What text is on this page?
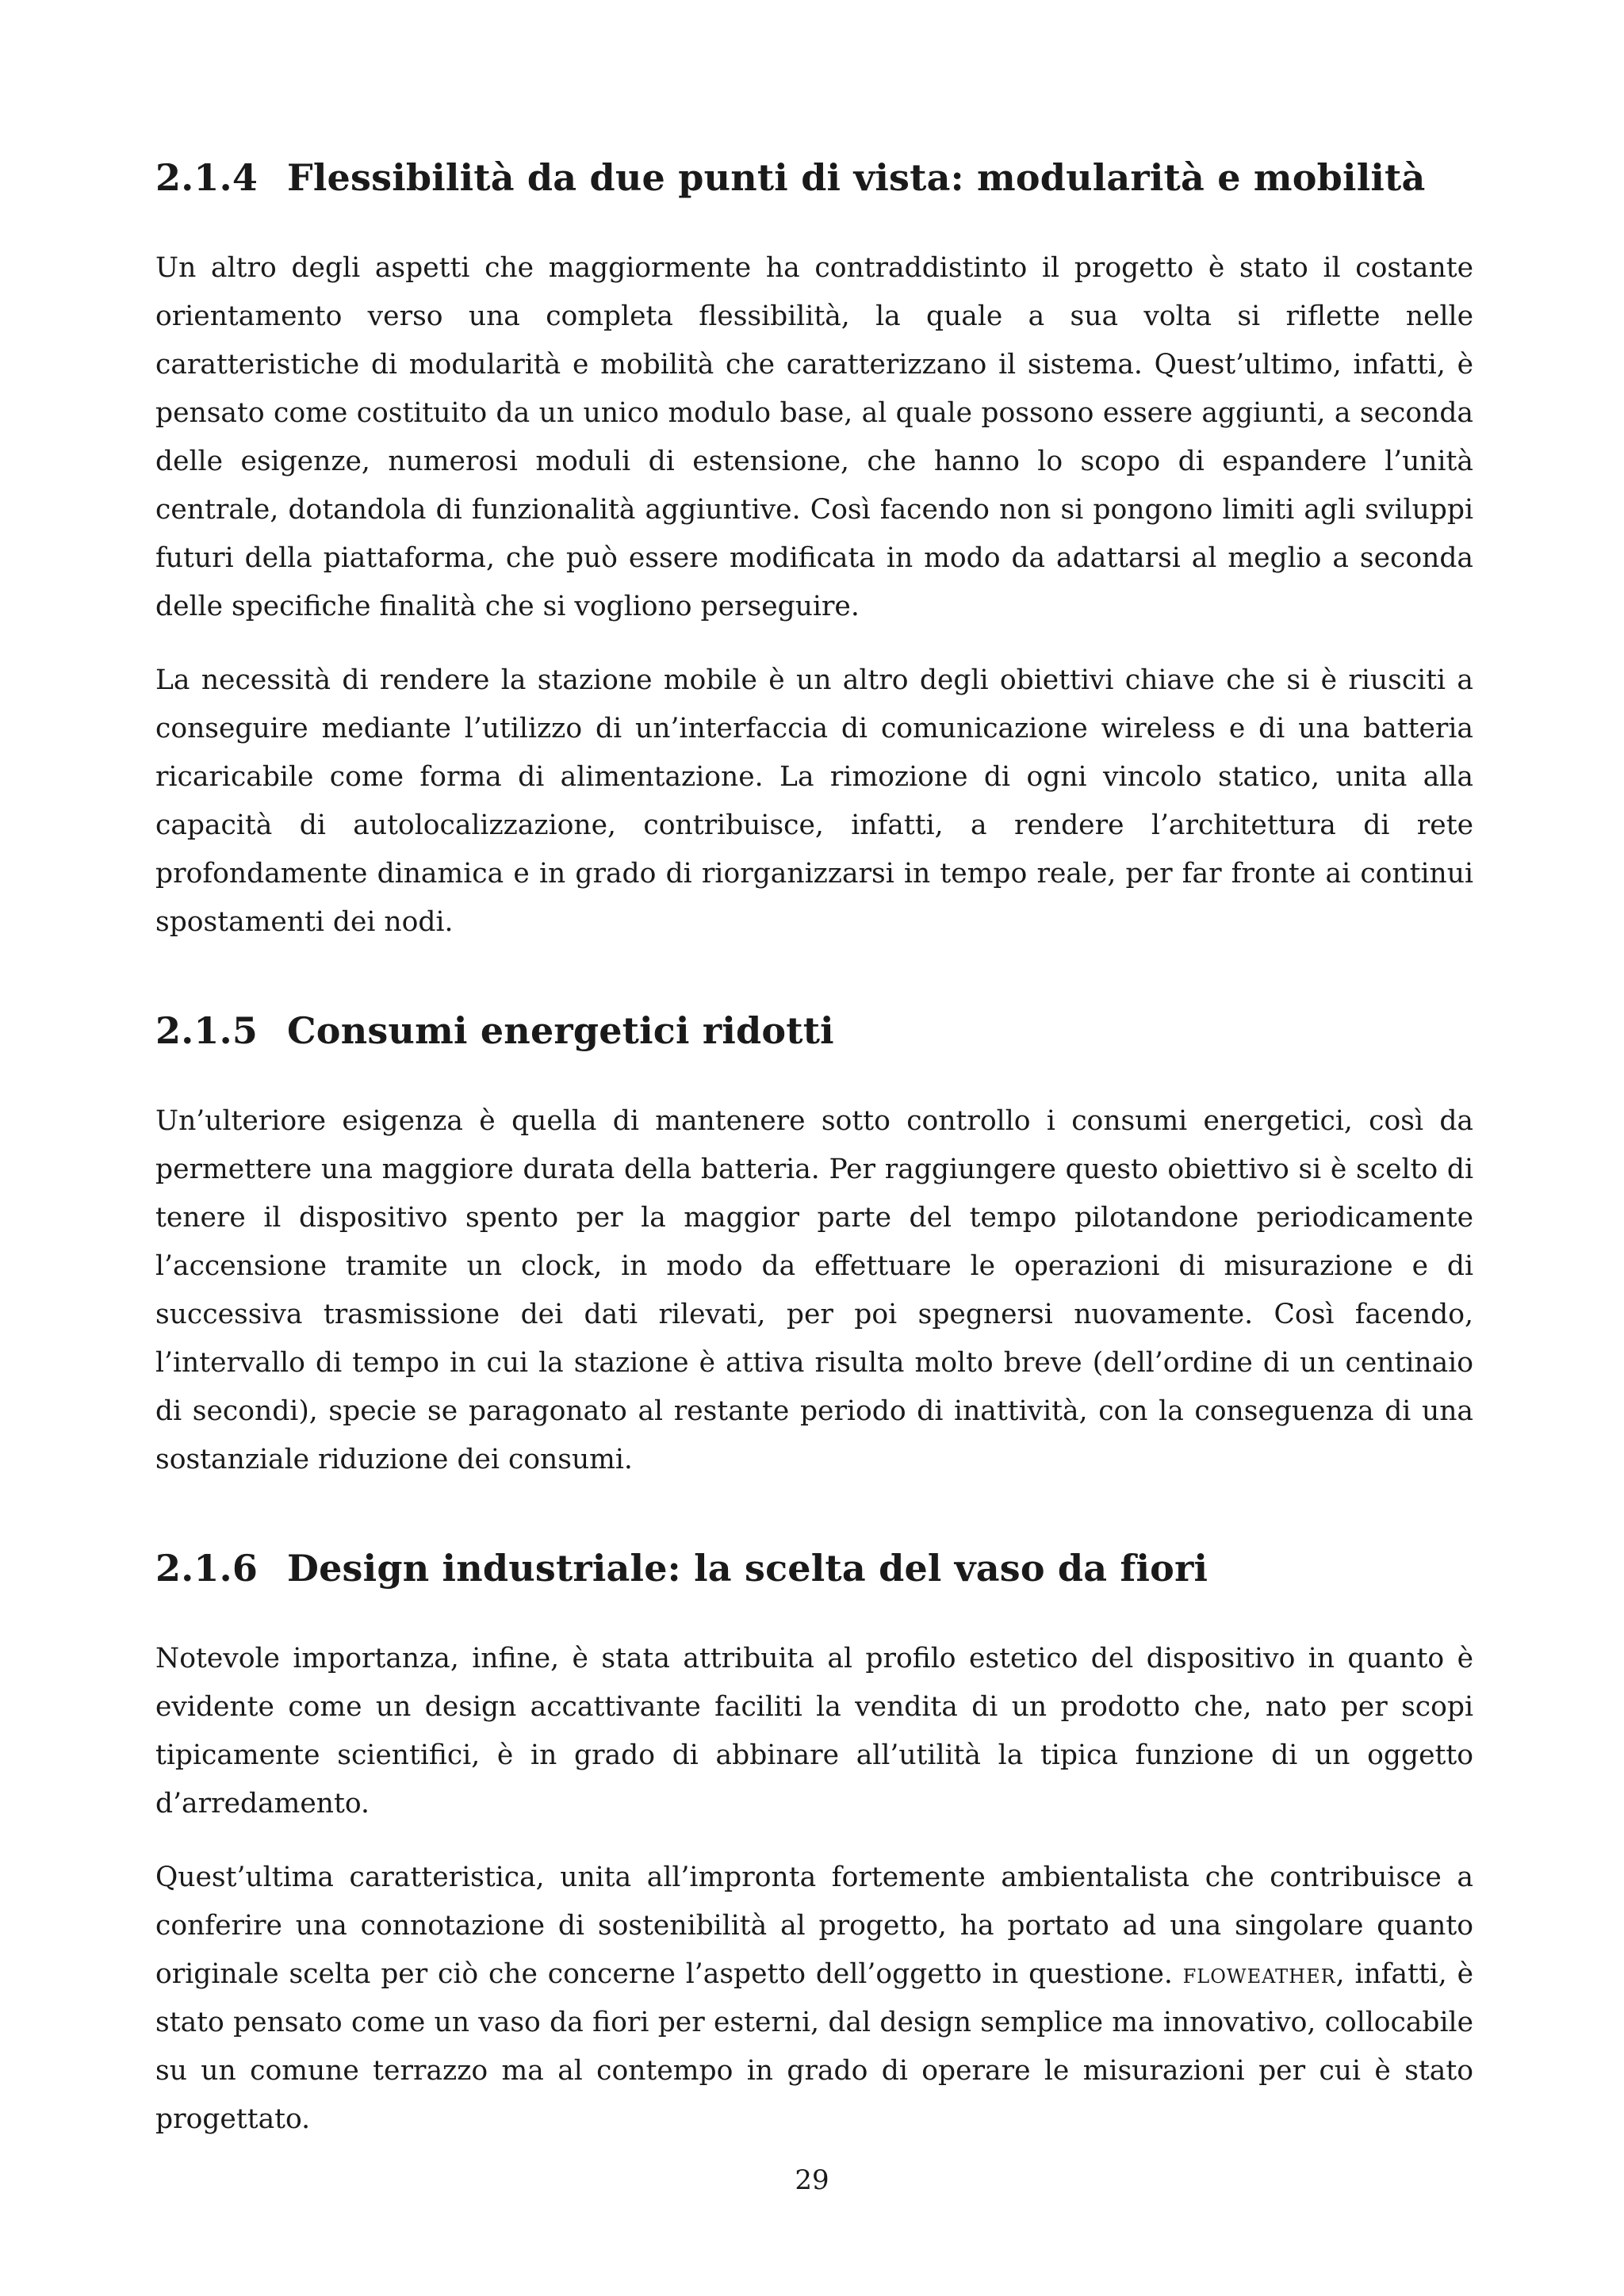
2.1.4 Flessibilità da due punti di vista: modularità e mobilità

Un altro degli aspetti che maggiormente ha contraddistinto il progetto è stato il costante orientamento verso una completa flessibilità, la quale a sua volta si riflette nelle caratteristiche di modularità e mobilità che caratterizzano il sistema. Quest’ultimo, infatti, è pensato come costituito da un unico modulo base, al quale possono essere aggiunti, a seconda delle esigenze, numerosi moduli di estensione, che hanno lo scopo di espandere l’unità centrale, dotandola di funzionalità aggiuntive. Così facendo non si pongono limiti agli sviluppi futuri della piattaforma, che può essere modificata in modo da adattarsi al meglio a seconda delle specifiche finalità che si vogliono perseguire.

La necessità di rendere la stazione mobile è un altro degli obiettivi chiave che si è riusciti a conseguire mediante l’utilizzo di un’interfaccia di comunicazione wireless e di una batteria ricaricabile come forma di alimentazione. La rimozione di ogni vincolo statico, unita alla capacità di autolocalizzazione, contribuisce, infatti, a rendere l’architettura di rete profondamente dinamica e in grado di riorganizzarsi in tempo reale, per far fronte ai continui spostamenti dei nodi.

2.1.5 Consumi energetici ridotti

Un’ulteriore esigenza è quella di mantenere sotto controllo i consumi energetici, così da permettere una maggiore durata della batteria. Per raggiungere questo obiettivo si è scelto di tenere il dispositivo spento per la maggior parte del tempo pilotandone periodicamente l’accensione tramite un clock, in modo da effettuare le operazioni di misurazione e di successiva trasmissione dei dati rilevati, per poi spegnersi nuovamente. Così facendo, l’intervallo di tempo in cui la stazione è attiva risulta molto breve (dell’ordine di un centinaio di secondi), specie se paragonato al restante periodo di inattività, con la conseguenza di una sostanziale riduzione dei consumi.

2.1.6 Design industriale: la scelta del vaso da fiori

Notevole importanza, infine, è stata attribuita al profilo estetico del dispositivo in quanto è evidente come un design accattivante faciliti la vendita di un prodotto che, nato per scopi tipicamente scientifici, è in grado di abbinare all’utilità la tipica funzione di un oggetto d’arredamento.

Quest’ultima caratteristica, unita all’impronta fortemente ambientalista che contribuisce a conferire una connotazione di sostenibilità al progetto, ha portato ad una singolare quanto originale scelta per ciò che concerne l’aspetto dell’oggetto in questione. floweather, infatti, è stato pensato come un vaso da fiori per esterni, dal design semplice ma innovativo, collocabile su un comune terrazzo ma al contempo in grado di operare le misurazioni per cui è stato progettato.

29
